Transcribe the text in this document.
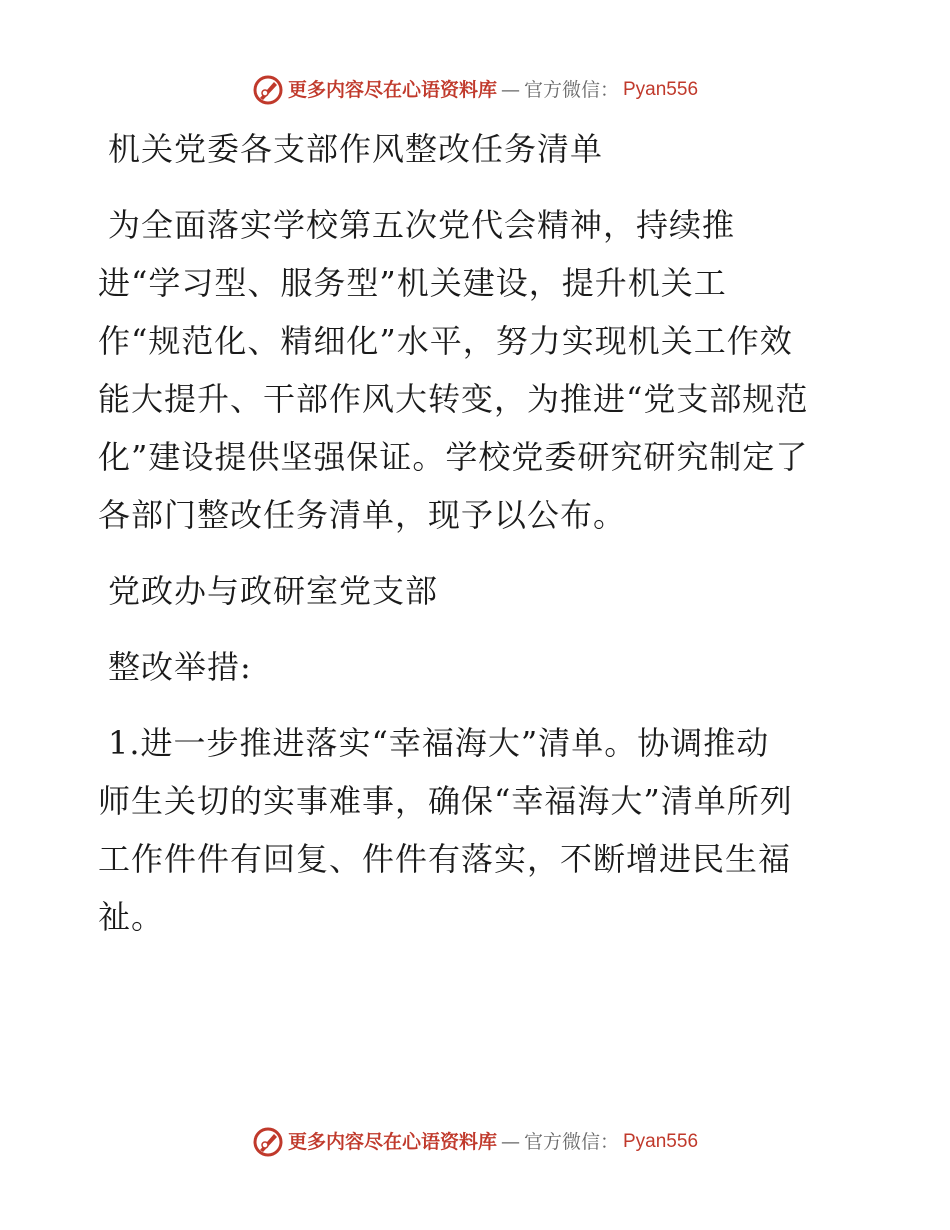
更多内容尽在心语资料库 — 官方微信： Pyan556

机关党委各支部作风整改任务清单

为全面落实学校第五次党代会精神，持续推

进“学习型、服务型”机关建设，提升机关工

作“规范化、精细化”水平，努力实现机关工作效

能大提升、干部作风大转变，为推进“党支部规范

化”建设提供坚强保证。学校党委研究研究制定了

各部门整改任务清单，现予以公布。

党政办与政研室党支部

整改举措:

1.进一步推进落实“幸福海大”清单。协调推动

师生关切的实事难事，确保“幸福海大”清单所列

工作件件有回复、件件有落实，不断增进民生福

祉。

更多内容尽在心语资料库 — 官方微信： Pyan556
